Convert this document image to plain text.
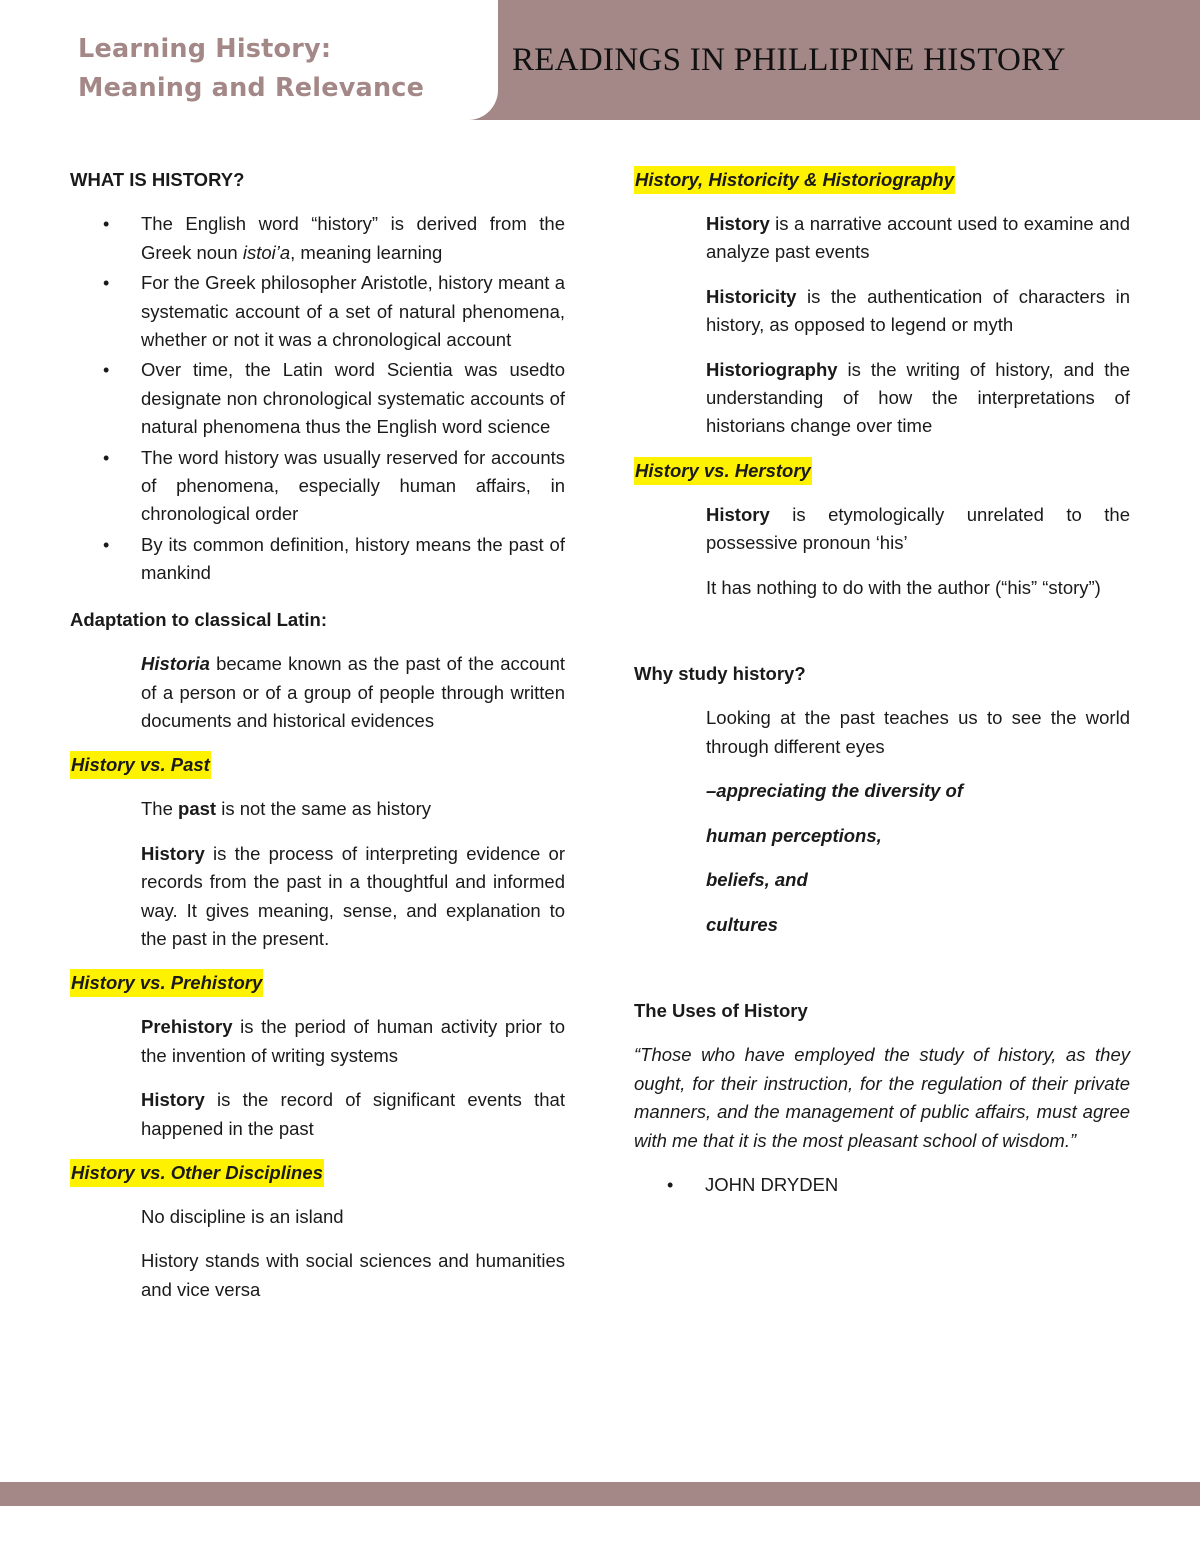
Learning History:
Meaning and Relevance
READINGS IN PHILLIPINE HISTORY
WHAT IS HISTORY?
• The English word “history” is derived from the Greek noun istoi’a, meaning learning
• For the Greek philosopher Aristotle, history meant a systematic account of a set of natural phenomena, whether or not it was a chronological account
• Over time, the Latin word Scientia was usedto designate non chronological systematic accounts of natural phenomena thus the English word science
• The word history was usually reserved for accounts of phenomena, especially human affairs, in chronological order
• By its common definition, history means the past of mankind
Adaptation to classical Latin:

Historia became known as the past of the account of a person or of a group of people through written documents and historical evidences

History vs. Past

The past is not the same as history

History is the process of interpreting evidence or records from the past in a thoughtful and informed way. It gives meaning, sense, and explanation to the past in the present.

History vs. Prehistory

Prehistory is the period of human activity prior to the invention of writing systems

History is the record of significant events that happened in the past

History vs. Other Disciplines

No discipline is an island

History stands with social sciences and humanities and vice versa

History, Historicity & Historiography

History is a narrative account used to examine and analyze past events

Historicity is the authentication of characters in history, as opposed to legend or myth

Historiography is the writing of history, and the understanding of how the interpretations of historians change over time

History vs. Herstory

History is etymologically unrelated to the possessive pronoun ‘his’

It has nothing to do with the author (“his” “story”)

Why study history?

Looking at the past teaches us to see the world through different eyes

–appreciating the diversity of

human perceptions,

beliefs, and

cultures

The Uses of History

“Those who have employed the study of history, as they ought, for their instruction, for the regulation of their private manners, and the management of public affairs, must agree with me that it is the most pleasant school of wisdom.”

• JOHN DRYDEN
